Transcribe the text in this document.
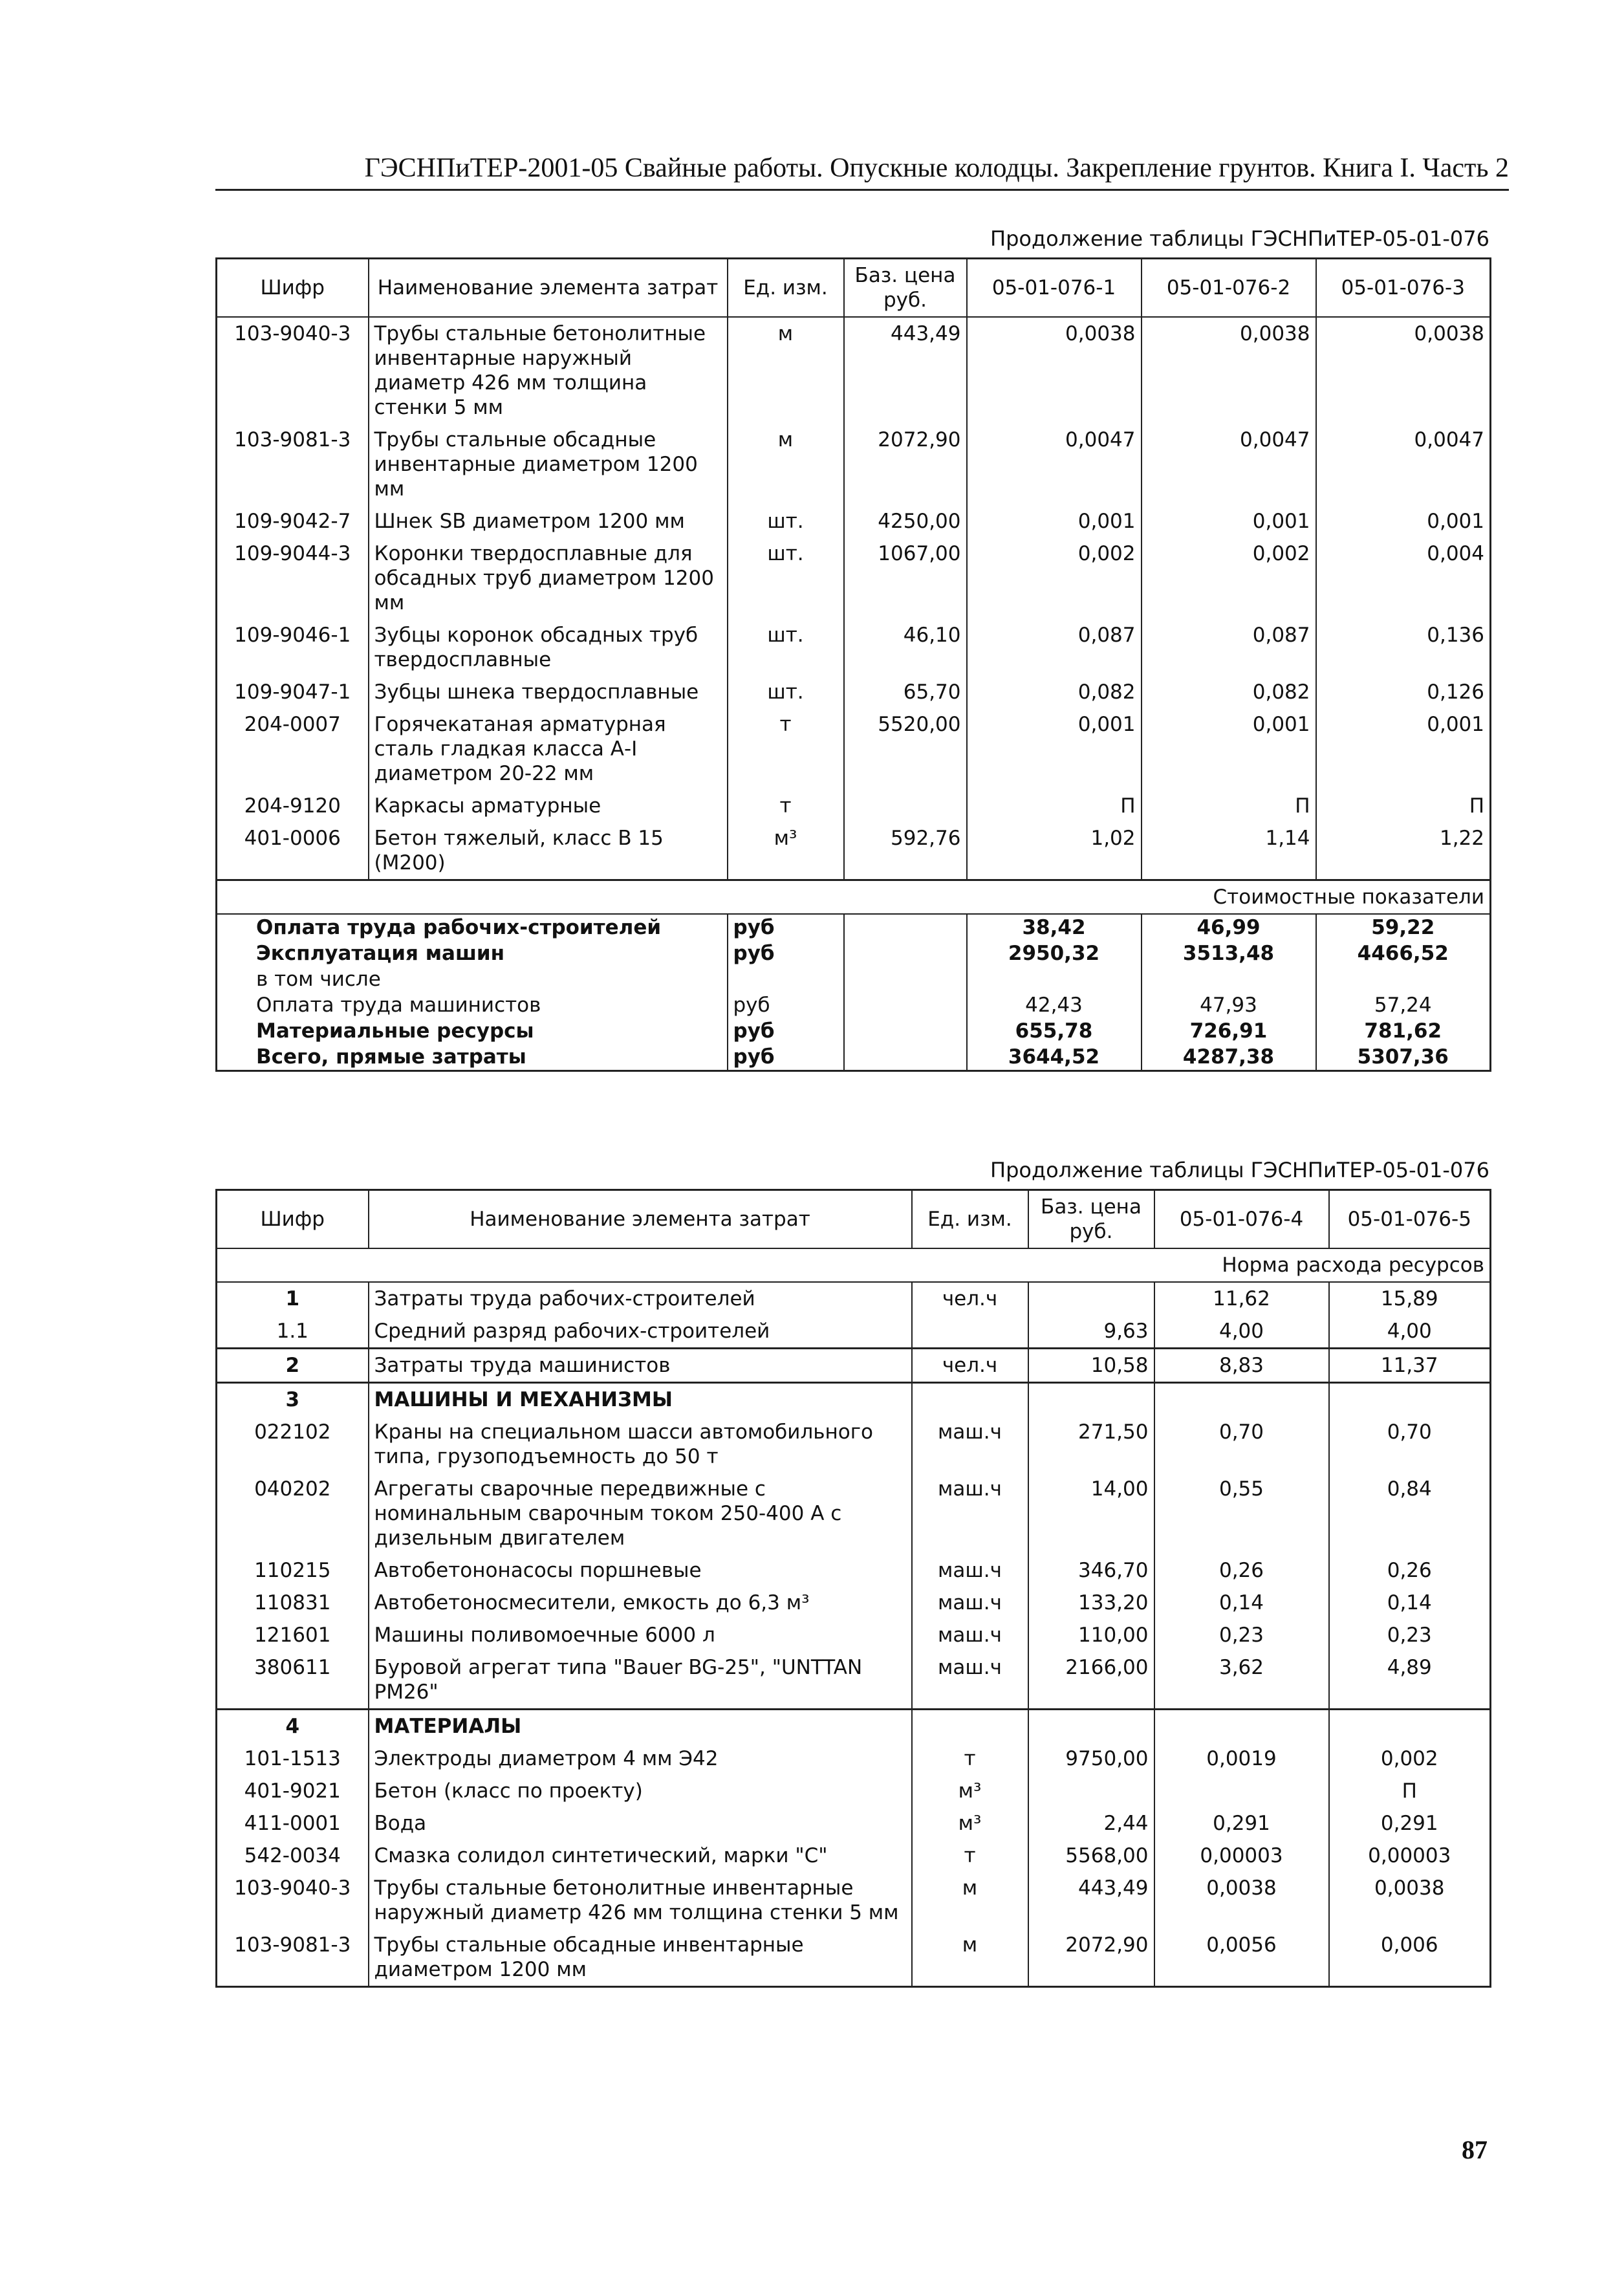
ГЭСНПиТЕР-2001-05 Свайные работы. Опускные колодцы. Закрепление грунтов. Книга I. Часть 2
Продолжение таблицы ГЭСНПиТЕР-05-01-076
Шифр	Наименование элемента затрат	Ед. изм.	Баз. цена руб.	05-01-076-1	05-01-076-2	05-01-076-3
103-9040-3	Трубы стальные бетонолитные инвентарные наружный диаметр 426 мм толщина стенки 5 мм	м	443,49	0,0038	0,0038	0,0038
103-9081-3	Трубы стальные обсадные инвентарные диаметром 1200 мм	м	2072,90	0,0047	0,0047	0,0047
109-9042-7	Шнек SB диаметром 1200 мм	шт.	4250,00	0,001	0,001	0,001
109-9044-3	Коронки твердосплавные для обсадных труб диаметром 1200 мм	шт.	1067,00	0,002	0,002	0,004
109-9046-1	Зубцы коронок обсадных труб твердосплавные	шт.	46,10	0,087	0,087	0,136
109-9047-1	Зубцы шнека твердосплавные	шт.	65,70	0,082	0,082	0,126
204-0007	Горячекатаная арматурная сталь гладкая класса А-I диаметром 20-22 мм	т	5520,00	0,001	0,001	0,001
204-9120	Каркасы арматурные	т		П	П	П
401-0006	Бетон тяжелый, класс В 15 (М200)	м³	592,76	1,02	1,14	1,22
Стоимостные показатели						
Оплата труда рабочих-строителей		руб		38,42	46,99	59,22
Эксплуатация машин		руб		2950,32	3513,48	4466,52
в том числе						
Оплата труда машинистов		руб		42,43	47,93	57,24
Материальные ресурсы		руб		655,78	726,91	781,62
Всего, прямые затраты		руб		3644,52	4287,38	5307,36
Продолжение таблицы ГЭСНПиТЕР-05-01-076
Шифр	Наименование элемента затрат	Ед. изм.	Баз. цена руб.	05-01-076-4	05-01-076-5
Норма расхода ресурсов					
1	Затраты труда рабочих-строителей	чел.ч		11,62	15,89
1.1	Средний разряд рабочих-строителей		9,63	4,00	4,00
2	Затраты труда машинистов	чел.ч	10,58	8,83	11,37
3	МАШИНЫ И МЕХАНИЗМЫ				
022102	Краны на специальном шасси автомобильного типа, грузоподъемность до 50 т	маш.ч	271,50	0,70	0,70
040202	Агрегаты сварочные передвижные с номинальным сварочным током 250-400 А с дизельным двигателем	маш.ч	14,00	0,55	0,84
110215	Автобетононасосы поршневые	маш.ч	346,70	0,26	0,26
110831	Автобетоносмесители, емкость до 6,3 м³	маш.ч	133,20	0,14	0,14
121601	Машины поливомоечные 6000 л	маш.ч	110,00	0,23	0,23
380611	Буровой агрегат типа "Bauer BG-25", "UNTTAN PM26"	маш.ч	2166,00	3,62	4,89
4	МАТЕРИАЛЫ				
101-1513	Электроды диаметром 4 мм Э42	т	9750,00	0,0019	0,002
401-9021	Бетон (класс по проекту)	м³			П
411-0001	Вода	м³	2,44	0,291	0,291
542-0034	Смазка солидол синтетический, марки "С"	т	5568,00	0,00003	0,00003
103-9040-3	Трубы стальные бетонолитные инвентарные наружный диаметр 426 мм толщина стенки 5 мм	м	443,49	0,0038	0,0038
103-9081-3	Трубы стальные обсадные инвентарные диаметром 1200 мм	м	2072,90	0,0056	0,006
87
